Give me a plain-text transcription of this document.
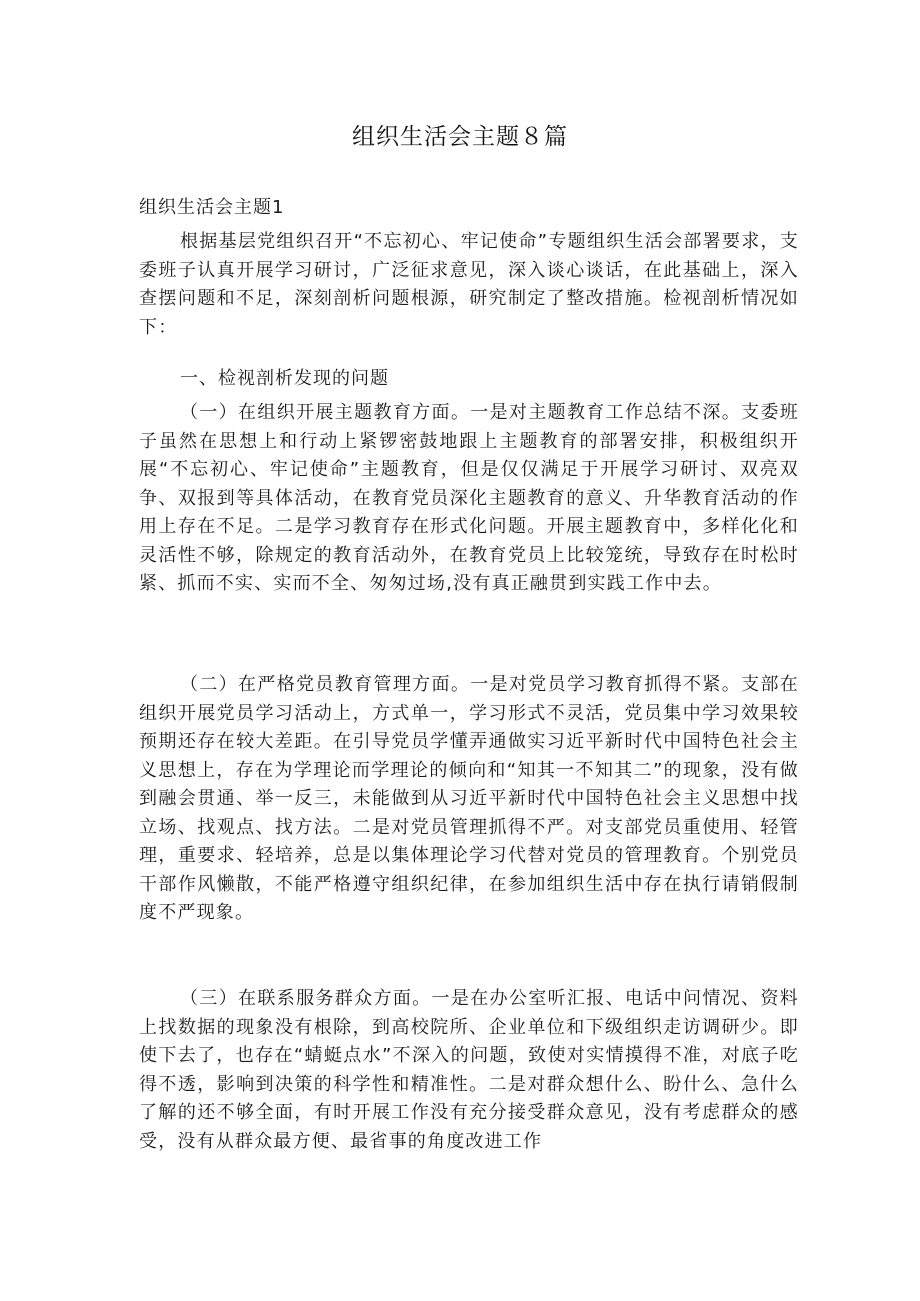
组织生活会主题８篇
组织生活会主题1

根据基层党组织召开“不忘初心、牢记使命”专题组织生活会部署要求，支委班子认真开展学习研讨，广泛征求意见，深入谈心谈话，在此基础上，深入查摆问题和不足，深刻剖析问题根源，研究制定了整改措施。检视剖析情况如下：

一、检视剖析发现的问题

（一）在组织开展主题教育方面。一是对主题教育工作总结不深。支委班子虽然在思想上和行动上紧锣密鼓地跟上主题教育的部署安排，积极组织开展“不忘初心、牢记使命”主题教育，但是仅仅满足于开展学习研讨、双亮双争、双报到等具体活动，在教育党员深化主题教育的意义、升华教育活动的作用上存在不足。二是学习教育存在形式化问题。开展主题教育中，多样化化和灵活性不够，除规定的教育活动外，在教育党员上比较笼统，导致存在时松时紧、抓而不实、实而不全、匆匆过场,没有真正融贯到实践工作中去。

（二）在严格党员教育管理方面。一是对党员学习教育抓得不紧。支部在组织开展党员学习活动上，方式单一，学习形式不灵活，党员集中学习效果较预期还存在较大差距。在引导党员学懂弄通做实习近平新时代中国特色社会主义思想上，存在为学理论而学理论的倾向和“知其一不知其二”的现象，没有做到融会贯通、举一反三，未能做到从习近平新时代中国特色社会主义思想中找立场、找观点、找方法。二是对党员管理抓得不严。对支部党员重使用、轻管理，重要求、轻培养，总是以集体理论学习代替对党员的管理教育。个别党员干部作风懒散，不能严格遵守组织纪律，在参加组织生活中存在执行请销假制度不严现象。

（三）在联系服务群众方面。一是在办公室听汇报、电话中问情况、资料上找数据的现象没有根除，到高校院所、企业单位和下级组织走访调研少。即使下去了，也存在“蜻蜓点水”不深入的问题，致使对实情摸得不准，对底子吃得不透，影响到决策的科学性和精准性。二是对群众想什么、盼什么、急什么了解的还不够全面，有时开展工作没有充分接受群众意见，没有考虑群众的感受，没有从群众最方便、最省事的角度改进工作
